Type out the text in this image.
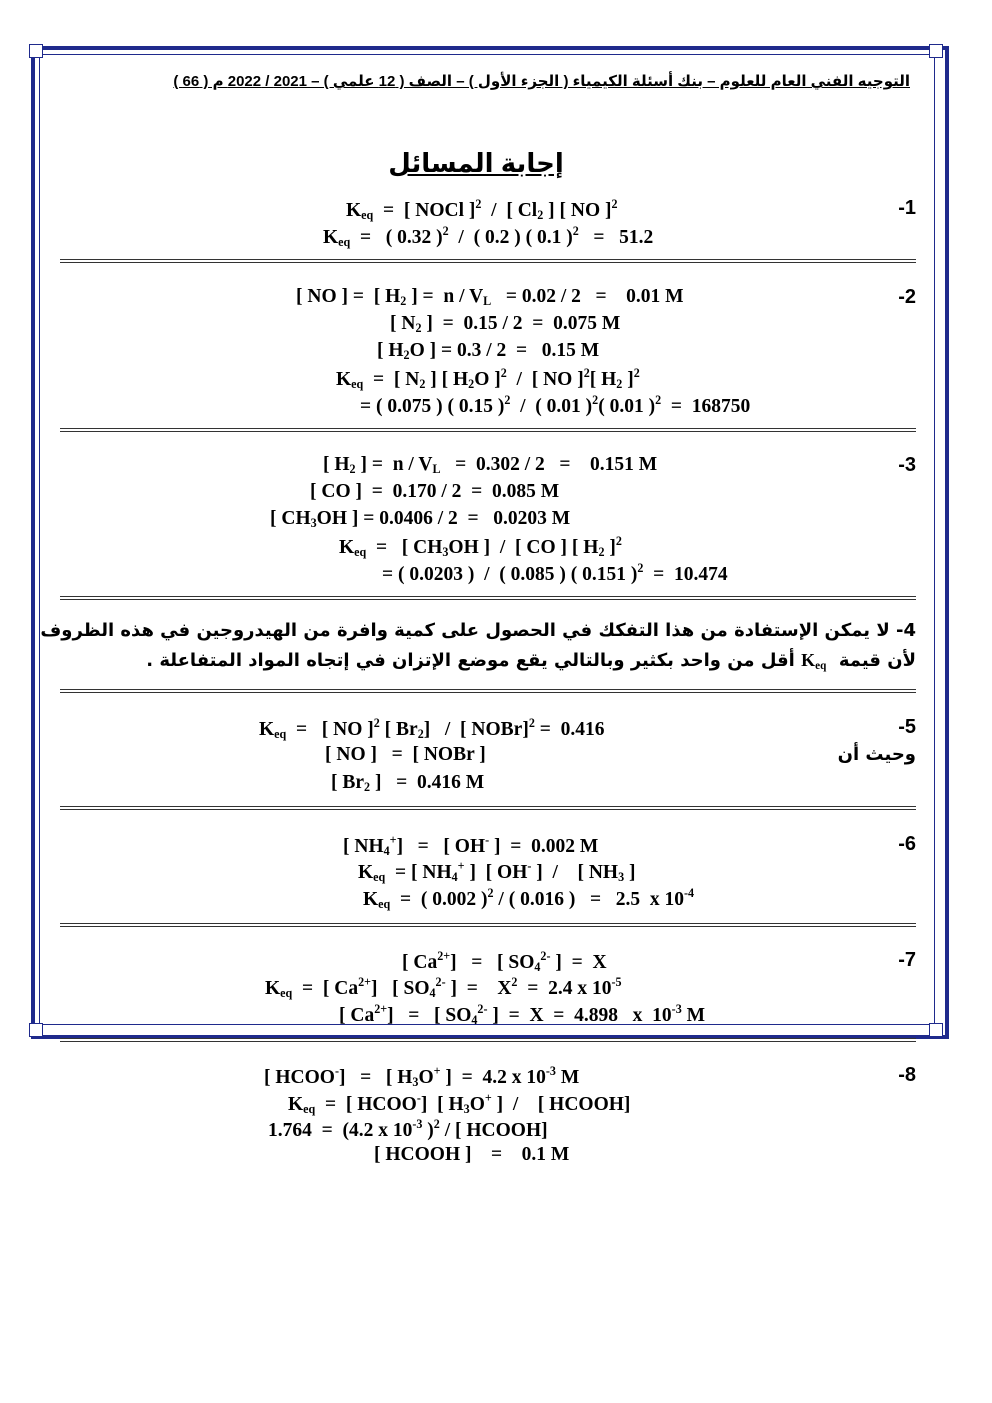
التوجيه الفني العام للعلوم – بنك أسئلة الكيمياء ( الجزء الأول ) – الصف ( 12 علمي ) – 2021 / 2022 م ( 66 )
إجابة المسائل
-1
$K_{eq}$  =  [ NOCl ]$^2$  /  [ $Cl_2$ ] [ NO ]$^2$
$K_{eq}$  =   ( 0.32 )$^2$  /  ( 0.2 ) ( 0.1 )$^2$   =   51.2
-2
[ NO ] =  [ $H_2$ ] =  $n / V_L = 0.02 / 2$   =    0.01 M
[ $N_2$ ]  =  0.15 / 2  =  0.075 M
[ $H_2O$ ] = 0.3 / 2  =   0.15 M
$K_{eq}$  =  [ $N_2$ ] [ $H_2O$ ]$^2$  /  [ NO ]$^2$[ $H_2$ ]$^2$
= ( 0.075 ) ( 0.15 )$^2$  /  ( 0.01 )$^2$( 0.01 )$^2$  =  168750
-3
[ $H_2$ ] =  $n / V_L = 0.302 / 2$   =    0.151 M
[ CO ]  =  0.170 / 2  =  0.085 M
[ $CH_3OH$ ] = 0.0406 / 2  =   0.0203 M
$K_{eq}$  =   [ $CH_3OH$ ]  /  [ CO ] [ $H_2$ ]$^2$
= ( 0.0203 )  /  ( 0.085 ) ( 0.151 )$^2$  =  10.474
4- لا يمكن الإستفادة من هذا التفكك في الحصول على كمية وافرة من الهيدروجين في هذه الظروف
لأن قيمة  $K_{eq}$ أقل من واحد بكثير وبالتالي يقع موضع الإتزان في إتجاه المواد المتفاعلة .
-5
وحيث أن
$K_{eq}$  =   [ NO ]$^2$ [ $Br_2$]   /  [ NOBr]$^2$ =  0.416
[ NO ]   =  [ NOBr ]
[ $Br_2$ ]   =  0.416 M
-6
[ $NH_4^+$]   =   [ OH- ]  =  0.002 M
$K_{eq}$  = [ $NH_4^+$ ]  [ OH- ]  /    [ $NH_3$ ]
$K_{eq}$  =  ( 0.002 )$^2$ / ( 0.016 )   =   2.5  x $10^{-4}$
-7
[ $Ca^{2+}$]   =   [ $SO_4^{2-}$ ]  =  X
$K_{eq}$  =  [ $Ca^{2+}$]   [ $SO_4^{2-}$ ]  =    $X^2 = 2.4$ x $10^{-5}$
[ $Ca^{2+}$]   =   [ $SO_4^{2-}$ ]  =  X  =  4.898   x  $10^{-3}$ M
-8
[ HCOO-]   =   [ $H_3O^+$ ]  =  4.2 x $10^{-3}$ M
$K_{eq}$  =  [ HCOO-]  [ $H_3O^+$ ]  /    [ HCOOH]
1.764  =  (4.2 x $10^{-3}$ )$^2$ / [ HCOOH]
[ HCOOH ]    =    0.1 M
